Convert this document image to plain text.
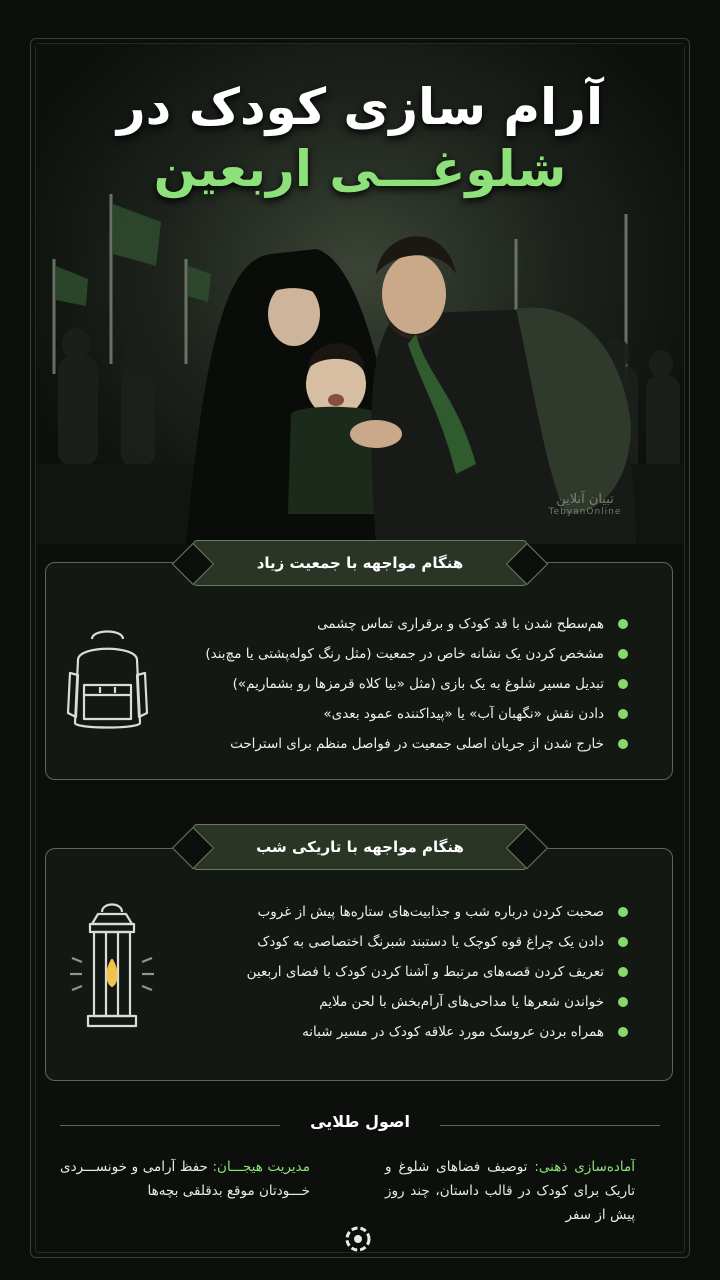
آرام سازی کودک در
شلوغـــی اربعین
تبیان آنلاین
TebyanOnline
هنگام مواجهه با جمعیت زیاد
هم‌سطح شدن با قد کودک و برقراری تماس چشمی
مشخص کردن یک نشانه خاص در جمعیت (مثل رنگ کوله‌پشتی یا مچ‌بند)
تبدیل مسیر شلوغ به یک بازی (مثل «بیا کلاه قرمزها رو بشماریم»)
دادن نقش «نگهبان آب» یا «پیداکننده عمود بعدی»
خارج شدن از جریان اصلی جمعیت در فواصل منظم برای استراحت
هنگام مواجهه با تاریکی شب
صحبت کردن درباره شب و جذابیت‌های ستاره‌ها پیش از غروب
دادن یک چراغ قوه کوچک یا دستبند شبرنگ اختصاصی به کودک
تعریف کردن قصه‌های مرتبط و آشنا کردن کودک با فضای اربعین
خواندن شعرها یا مداحی‌های آرام‌بخش با لحن ملایم
همراه بردن عروسک مورد علاقه کودک در مسیر شبانه
اصول طلایی
آماده‌سازی ذهنی: توصیف فضاهای شلوغ و تاریک برای کودک در قالب داستان، چند روز پیش از سفر
مدیریت هیجـــان: حفظ آرامی و خونســـردی خـــودتان موقع بدقلقی بچه‌ها
